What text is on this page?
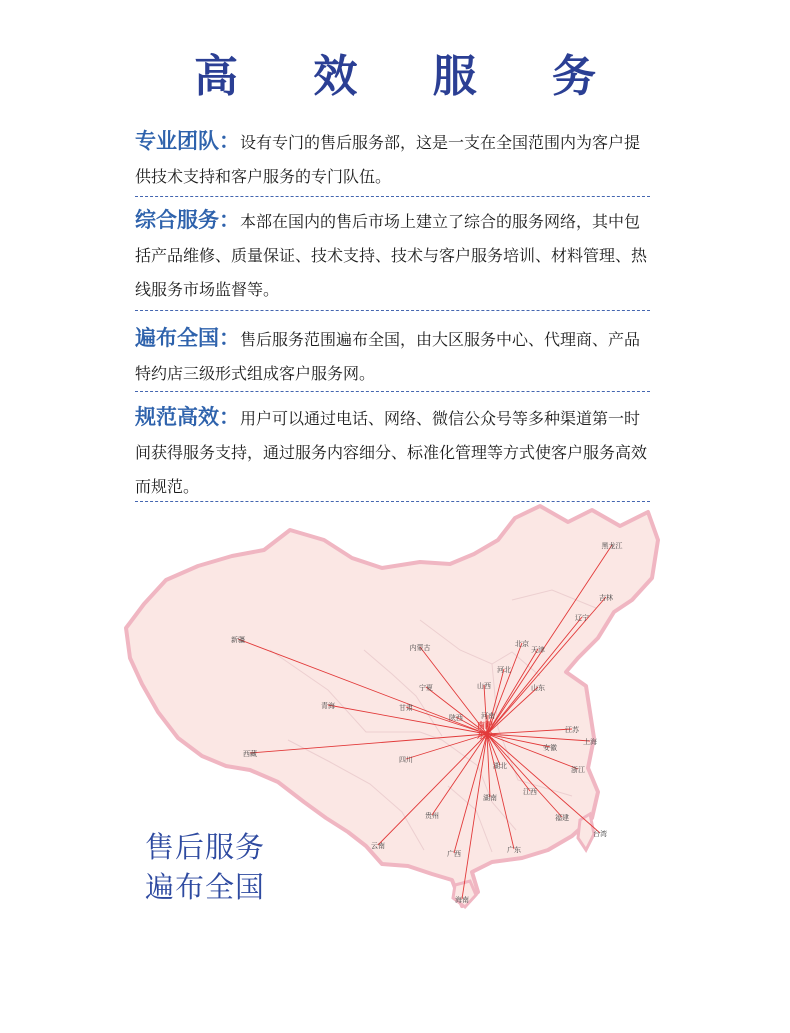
高 效 服 务
专业团队：设有专门的售后服务部，这是一支在全国范围内为客户提供技术支持和客户服务的专门队伍。
综合服务：本部在国内的售后市场上建立了综合的服务网络，其中包括产品维修、质量保证、技术支持、技术与客户服务培训、材料管理、热线服务市场监督等。
遍布全国：售后服务范围遍布全国，由大区服务中心、代理商、产品特约店三级形式组成客户服务网。
规范高效：用户可以通过电话、网络、微信公众号等多种渠道第一时间获得服务支持，通过服务内容细分、标准化管理等方式使客户服务高效而规范。
黑龙江
吉林
辽宁
北京
天津
内蒙古
新疆
宁夏
河北
山西	山东
甘肃
青海
陕西	河南
江苏
上海
安徽
西藏
四川
湖北	浙江
江西
湖南
福建
贵州
云南
广西	广东
台湾
海南
南阳
东发
售后服务
遍布全国
